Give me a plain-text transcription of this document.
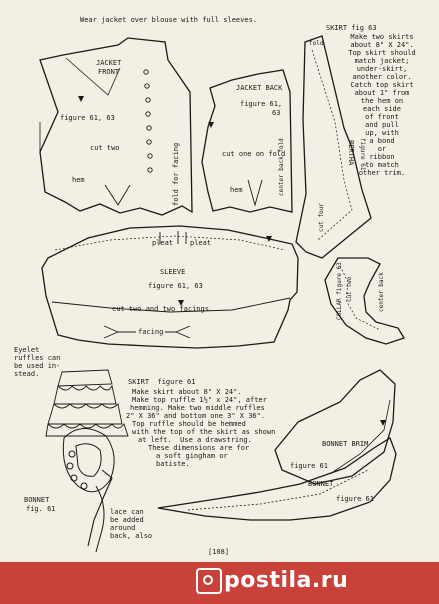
Wear jacket over blouse with full sleeves.
JACKET
FRONT
figure 61, 63
cut two
hem	fold for facing
JACKET BACK
figure 61,
63
cut one on fold
hem	center back fold
SKIRT fig 63
Make two skirts
about 8" X 24".
Top skirt should
match jacket;
under-skirt,
another color.
Catch top skirt
about 1" from
the hem on
each side
of front
and pull
up, with
a bond
or
ribbon
to match
other trim.
BERTHA figure 61
cut four
fold
pleat pleat
SLEEVE
figure 61, 63
cut two and two facings
facing
COLLAR figure 63 cut two	center back
Eyelet
ruffles can
be used in-
stead.
SKIRT  figure 61
Make skirt about 8" X 24".
Make top ruffle 1½" x 24", after
hemming. Make two middle ruffles
2" X 36" and bottom one 3" X 36".
Top ruffle should be hemmed
with the top of the skirt as shown
at left.  Use a drawstring.
These dimensions are for
a soft gingham or
batiste.
BONNET BRIM
figure 61
BONNET
figure 61
BONNET
fig. 61	lace can
be added
around
back, also
[108]
postila.ru
